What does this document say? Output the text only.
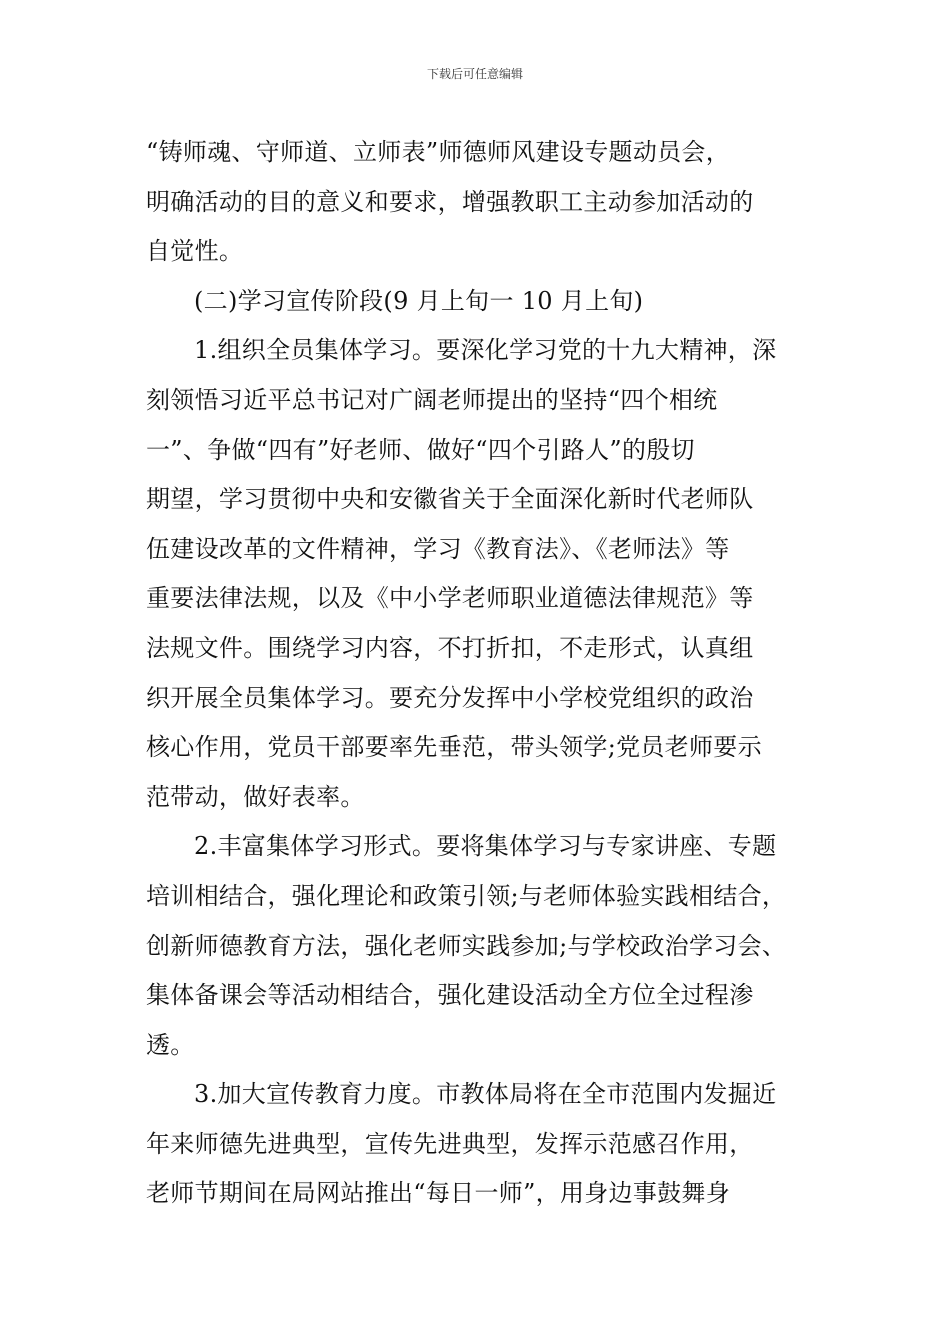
下载后可任意编辑
“铸师魂、守师道、立师表”师德师风建设专题动员会，
明确活动的目的意义和要求，增强教职工主动参加活动的
自觉性。
(二)学习宣传阶段(9 月上旬一 10 月上旬)
1.组织全员集体学习。要深化学习党的十九大精神，深
刻领悟习近平总书记对广阔老师提出的坚持“四个相统
一”、争做“四有”好老师、做好“四个引路人”的殷切
期望，学习贯彻中央和安徽省关于全面深化新时代老师队
伍建设改革的文件精神，学习《教育法》、《老师法》等
重要法律法规，以及《中小学老师职业道德法律规范》等
法规文件。围绕学习内容，不打折扣，不走形式，认真组
织开展全员集体学习。要充分发挥中小学校党组织的政治
核心作用，党员干部要率先垂范，带头领学;党员老师要示
范带动，做好表率。
2.丰富集体学习形式。要将集体学习与专家讲座、专题
培训相结合，强化理论和政策引领;与老师体验实践相结合，
创新师德教育方法，强化老师实践参加;与学校政治学习会、
集体备课会等活动相结合，强化建设活动全方位全过程渗
透。
3.加大宣传教育力度。市教体局将在全市范围内发掘近
年来师德先进典型，宣传先进典型，发挥示范感召作用，
老师节期间在局网站推出“每日一师”，用身边事鼓舞身
